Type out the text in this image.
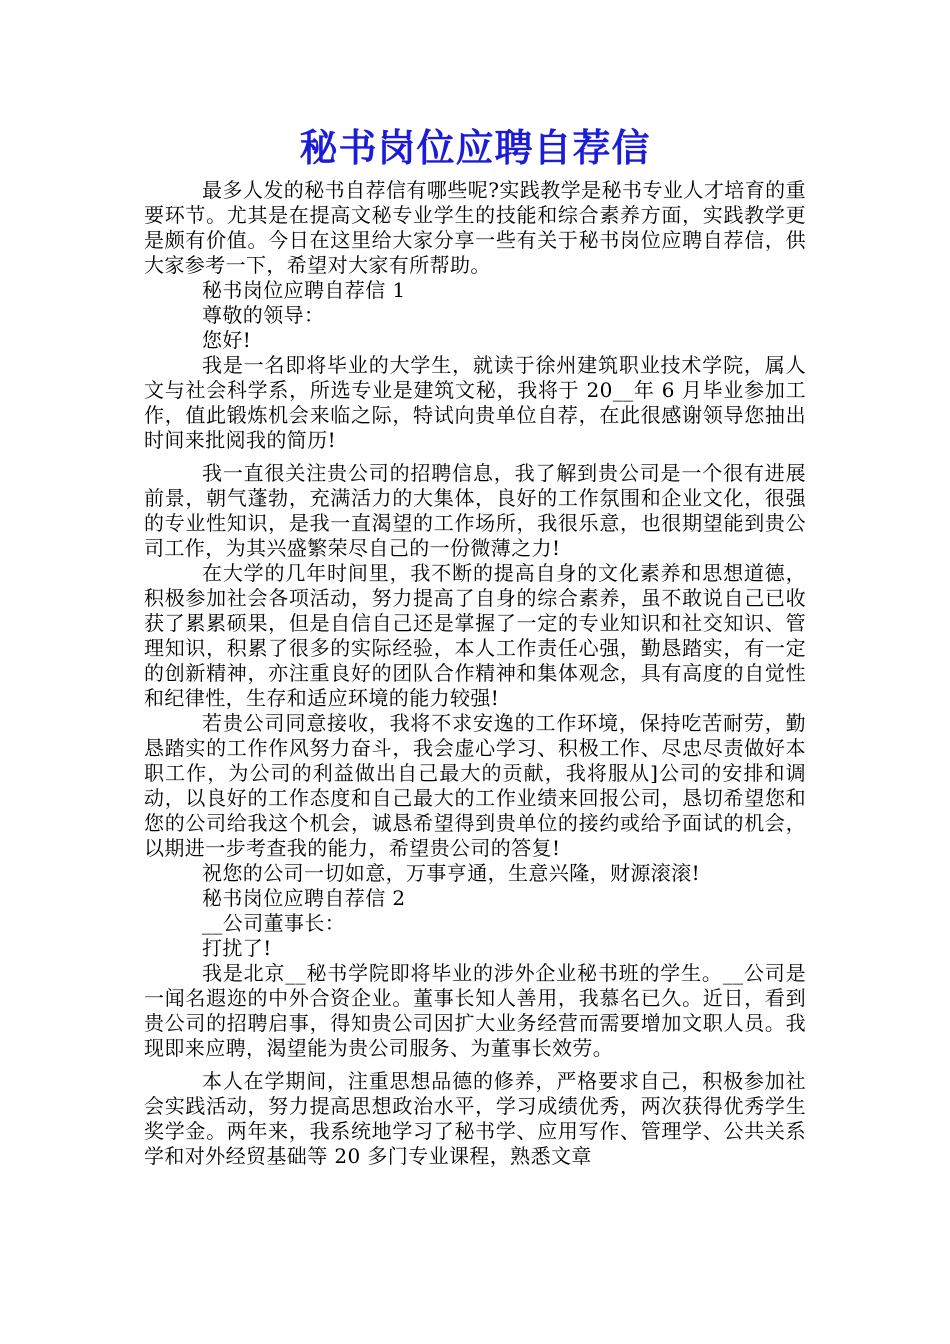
秘书岗位应聘自荐信

最多人发的秘书自荐信有哪些呢?实践教学是秘书专业人才培育的重要环节。尤其是在提高文秘专业学生的技能和综合素养方面，实践教学更是颇有价值。今日在这里给大家分享一些有关于秘书岗位应聘自荐信，供大家参考一下，希望对大家有所帮助。

秘书岗位应聘自荐信 1

尊敬的领导：

您好!

我是一名即将毕业的大学生，就读于徐州建筑职业技术学院，属人文与社会科学系，所选专业是建筑文秘，我将于 20__年 6 月毕业参加工作，值此锻炼机会来临之际，特试向贵单位自荐，在此很感谢领导您抽出时间来批阅我的简历!

我一直很关注贵公司的招聘信息，我了解到贵公司是一个很有进展前景，朝气蓬勃，充满活力的大集体，良好的工作氛围和企业文化，很强的专业性知识，是我一直渴望的工作场所，我很乐意，也很期望能到贵公司工作，为其兴盛繁荣尽自己的一份微薄之力!

在大学的几年时间里，我不断的提高自身的文化素养和思想道德，积极参加社会各项活动，努力提高了自身的综合素养，虽不敢说自己已收获了累累硕果，但是自信自己还是掌握了一定的专业知识和社交知识、管理知识，积累了很多的实际经验，本人工作责任心强，勤恳踏实，有一定的创新精神，亦注重良好的团队合作精神和集体观念，具有高度的自觉性和纪律性，生存和适应环境的能力较强!

若贵公司同意接收，我将不求安逸的工作环境，保持吃苦耐劳，勤恳踏实的工作作风努力奋斗，我会虚心学习、积极工作、尽忠尽责做好本职工作，为公司的利益做出自己最大的贡献，我将服从]公司的安排和调动，以良好的工作态度和自己最大的工作业绩来回报公司，恳切希望您和您的公司给我这个机会，诚恳希望得到贵单位的接约或给予面试的机会，以期进一步考查我的能力，希望贵公司的答复!

祝您的公司一切如意，万事亨通，生意兴隆，财源滚滚!

秘书岗位应聘自荐信 2

__公司董事长：

打扰了!

我是北京__秘书学院即将毕业的涉外企业秘书班的学生。__公司是一闻名遐迩的中外合资企业。董事长知人善用，我慕名已久。近日，看到贵公司的招聘启事，得知贵公司因扩大业务经营而需要增加文职人员。我现即来应聘，渴望能为贵公司服务、为董事长效劳。

本人在学期间，注重思想品德的修养，严格要求自己，积极参加社会实践活动，努力提高思想政治水平，学习成绩优秀，两次获得优秀学生奖学金。两年来，我系统地学习了秘书学、应用写作、管理学、公共关系学和对外经贸基础等 20 多门专业课程，熟悉文章
